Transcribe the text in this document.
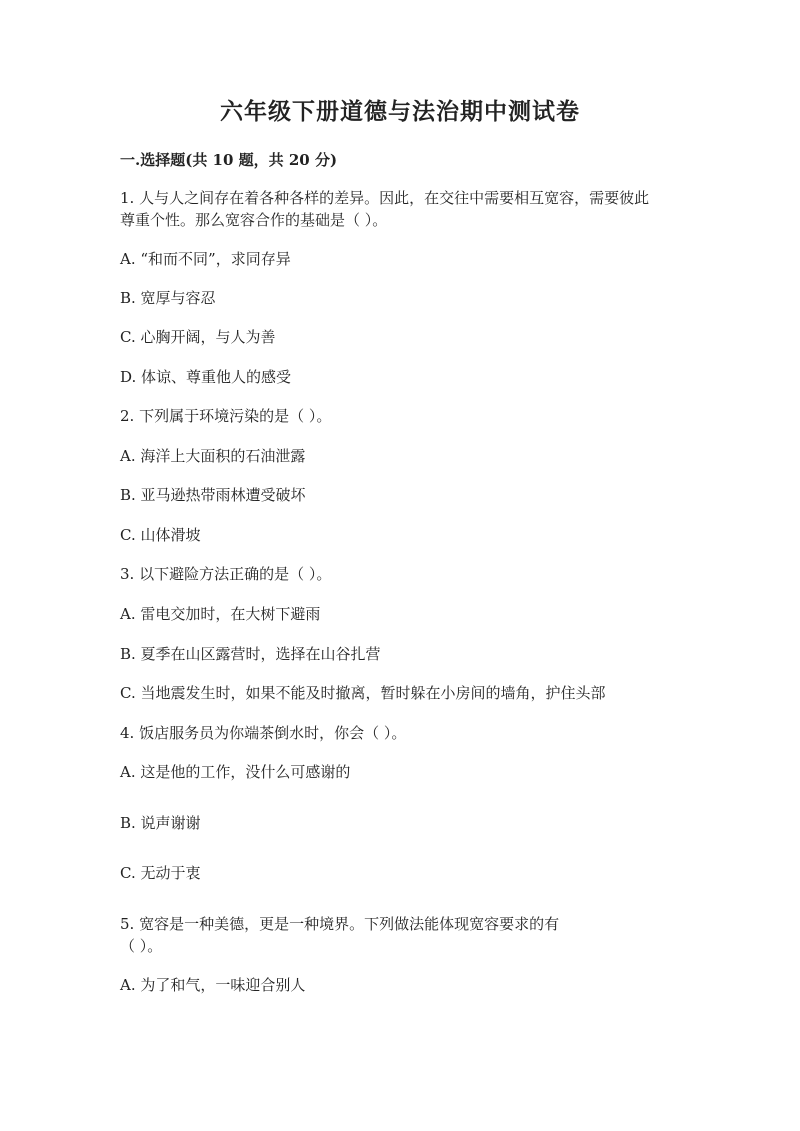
六年级下册道德与法治期中测试卷
一.选择题(共 10 题，共 20 分)
1. 人与人之间存在着各种各样的差异。因此，在交往中需要相互宽容，需要彼此
尊重个性。那么宽容合作的基础是（ ）。
A. “和而不同”，求同存异
B. 宽厚与容忍
C. 心胸开阔，与人为善
D. 体谅、尊重他人的感受
2. 下列属于环境污染的是（ ）。
A. 海洋上大面积的石油泄露
B. 亚马逊热带雨林遭受破坏
C. 山体滑坡
3. 以下避险方法正确的是（ ）。
A. 雷电交加时，在大树下避雨
B. 夏季在山区露营时，选择在山谷扎营
C. 当地震发生时，如果不能及时撤离，暂时躲在小房间的墙角，护住头部
4. 饭店服务员为你端茶倒水时，你会（ ）。
A. 这是他的工作，没什么可感谢的
B. 说声谢谢
C. 无动于衷
5. 宽容是一种美德，更是一种境界。下列做法能体现宽容要求的有
（ ）。
A. 为了和气，一味迎合别人
